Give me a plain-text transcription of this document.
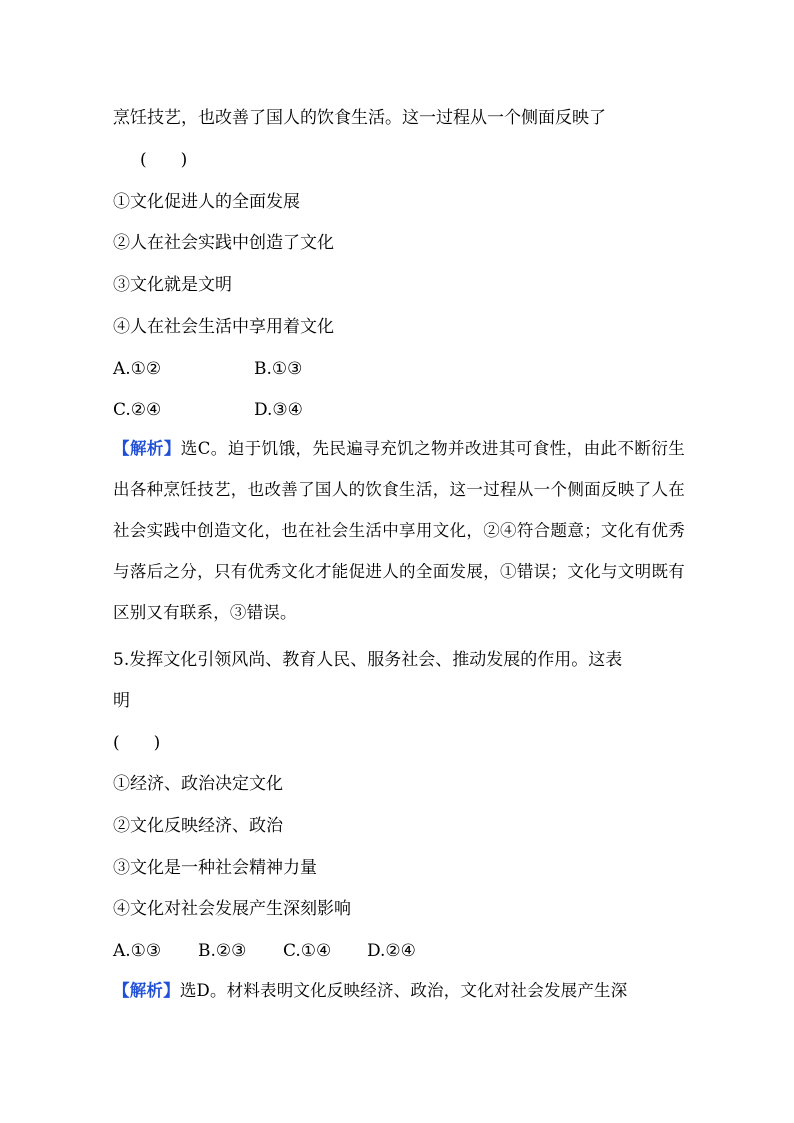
烹饪技艺，也改善了国人的饮食生活。这一过程从一个侧面反映了
(　　)
①文化促进人的全面发展
②人在社会实践中创造了文化
③文化就是文明
④人在社会生活中享用着文化
A.①②	B.①③
C.②④	D.③④
【解析】选C。迫于饥饿，先民遍寻充饥之物并改进其可食性，由此不断衍生出各种烹饪技艺，也改善了国人的饮食生活，这一过程从一个侧面反映了人在社会实践中创造文化，也在社会生活中享用文化，②④符合题意；文化有优秀与落后之分，只有优秀文化才能促进人的全面发展，①错误；文化与文明既有区别又有联系，③错误。
5.发挥文化引领风尚、教育人民、服务社会、推动发展的作用。这表
明
(　　)
①经济、政治决定文化
②文化反映经济、政治
③文化是一种社会精神力量
④文化对社会发展产生深刻影响
A.①③ B.②③ C.①④ D.②④
【解析】选D。材料表明文化反映经济、政治，文化对社会发展产生深
